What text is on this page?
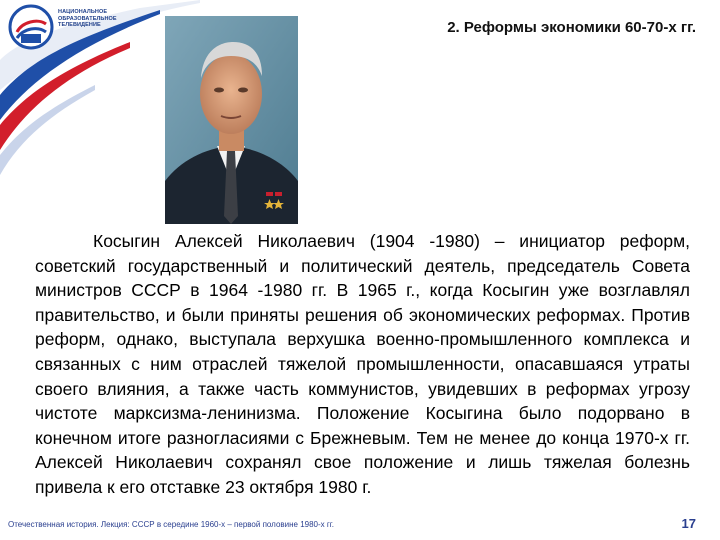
НАЦИОНАЛЬНОЕ ОБРАЗОВАТЕЛЬНОЕ ТЕЛЕВИДЕНИЕ	2. Реформы экономики 60-70-х гг.
Косыгин Алексей Николаевич (1904 -1980) – инициатор реформ, советский государственный и политический деятель, председатель Совета министров СССР в 1964 -1980 гг. В 1965 г., когда Косыгин уже возглавлял правительство, и были приняты решения об экономических реформах. Против реформ, однако, выступала верхушка военно-промышленного комплекса и связанных с ним отраслей тяжелой промышленности, опасавшаяся утраты своего влияния, а также часть коммунистов, увидевших в реформах угрозу чистоте марксизма-ленинизма. Положение Косыгина было подорвано в конечном итоге разногласиями с Брежневым. Тем не менее до конца 1970-х гг. Алексей Николаевич сохранял свое положение и лишь тяжелая болезнь привела к его отставке 23 октября 1980 г.
Отечественная история. Лекция: СССР в середине 1960-х – первой половине 1980-х гг.	17
